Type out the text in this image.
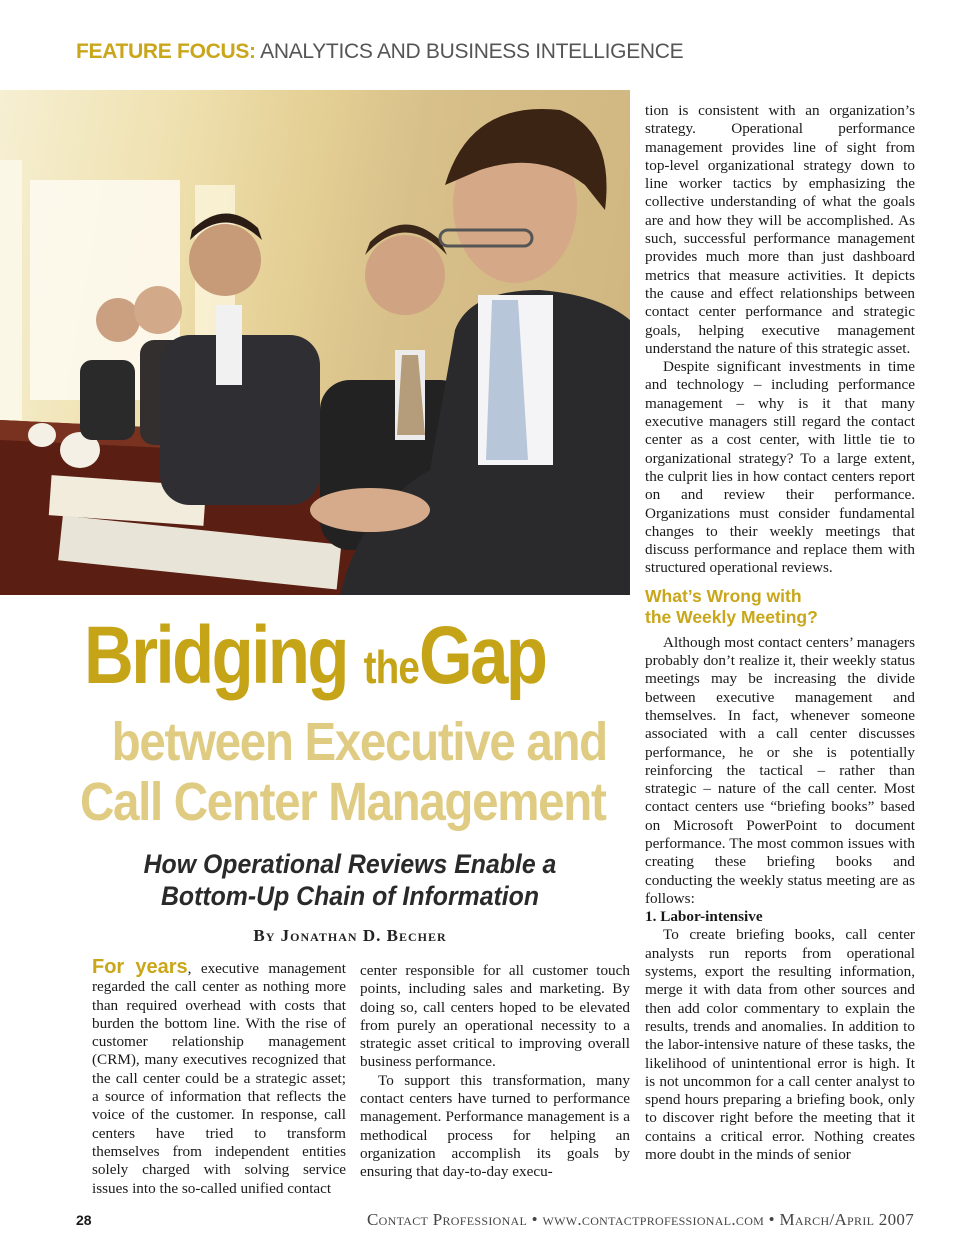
FEATURE FOCUS: ANALYTICS AND BUSINESS INTELLIGENCE
Bridging theGap
between Executive and
Call Center Management
How Operational Reviews Enable a
Bottom-Up Chain of Information
By Jonathan D. Becher

For years, executive management regarded the call center as nothing more than required overhead with costs that burden the bottom line. With the rise of customer relationship management (CRM), many executives recognized that the call center could be a strategic asset; a source of information that reflects the voice of the customer. In response, call centers have tried to transform themselves from independent entities solely charged with solving service issues into the so-called unified contact

center responsible for all customer touch points, including sales and marketing. By doing so, call centers hoped to be elevated from purely an operational necessity to a strategic asset critical to improving overall business performance.

To support this transformation, many contact centers have turned to performance management. Performance management is a methodical process for helping an organization accomplish its goals by ensuring that day-to-day execu-

tion is consistent with an organization’s strategy. Operational performance management provides line of sight from top-level organizational strategy down to line worker tactics by emphasizing the collective understanding of what the goals are and how they will be accomplished. As such, successful performance management provides much more than just dashboard metrics that measure activities. It depicts the cause and effect relationships between contact center performance and strategic goals, helping executive management understand the nature of this strategic asset.

Despite significant investments in time and technology – including performance management – why is it that many executive managers still regard the contact center as a cost center, with little tie to organizational strategy? To a large extent, the culprit lies in how contact centers report on and review their performance. Organizations must consider fundamental changes to their weekly meetings that discuss performance and replace them with structured operational reviews.

What’s Wrong with
the Weekly Meeting?

Although most contact centers’ managers probably don’t realize it, their weekly status meetings may be increasing the divide between executive management and themselves. In fact, whenever someone associated with a call center discusses performance, he or she is potentially reinforcing the tactical – rather than strategic – nature of the call center. Most contact centers use “briefing books” based on Microsoft PowerPoint to document performance. The most common issues with creating these briefing books and conducting the weekly status meeting are as follows:

1. Labor-intensive

To create briefing books, call center analysts run reports from operational systems, export the resulting information, merge it with data from other sources and then add color commentary to explain the results, trends and anomalies. In addition to the labor-intensive nature of these tasks, the likelihood of unintentional error is high. It is not uncommon for a call center analyst to spend hours preparing a briefing book, only to discover right before the meeting that it contains a critical error. Nothing creates more doubt in the minds of senior

28	Contact Professional • www.contactprofessional.com • March/April 2007
